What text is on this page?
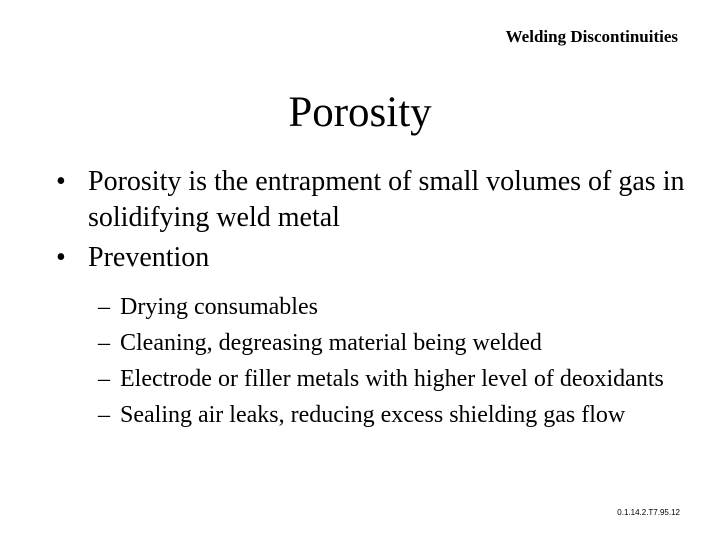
Welding Discontinuities
Porosity
• Porosity is the entrapment of small volumes of gas in solidifying weld metal
• Prevention
– Drying consumables
– Cleaning, degreasing material being welded
– Electrode or filler metals with higher level of deoxidants
– Sealing air leaks, reducing excess shielding gas flow
0.1.14.2.T7.95.12
